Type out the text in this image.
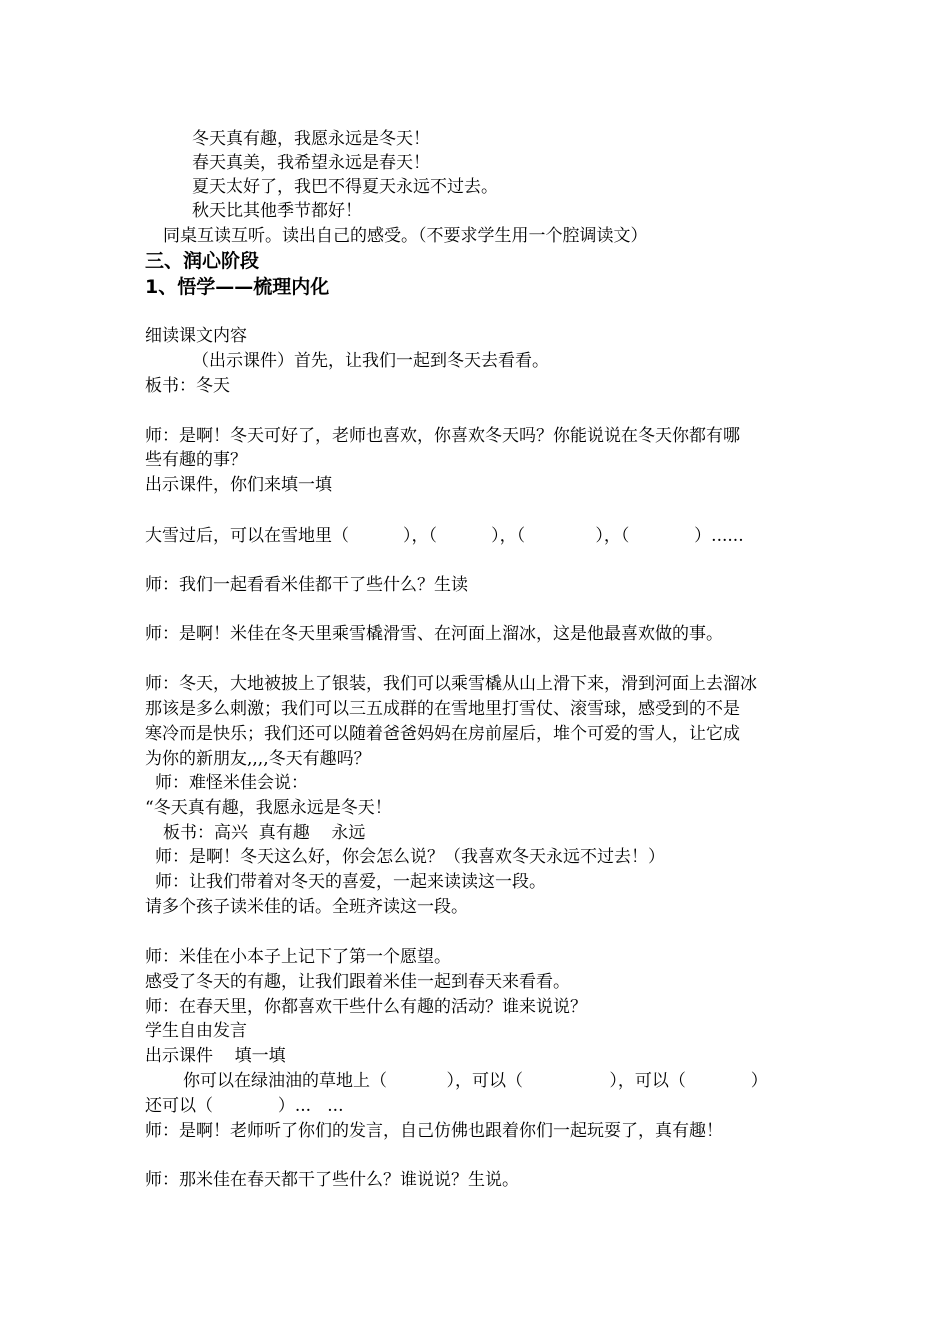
冬天真有趣，我愿永远是冬天！
春天真美，我希望永远是春天！
夏天太好了，我巴不得夏天永远不过去。
秋天比其他季节都好！
同桌互读互听。读出自己的感受。（不要求学生用一个腔调读文）
三、润心阶段
1、悟学——梳理内化
细读课文内容
（出示课件）首先，让我们一起到冬天去看看。
板书：冬天
师：是啊！冬天可好了，老师也喜欢，你喜欢冬天吗？你能说说在冬天你都有哪
些有趣的事？
出示课件，你们来填一填
大雪过后，可以在雪地里（          ），（          ），（             ），（            ）......
师：我们一起看看米佳都干了些什么？生读
师：是啊！米佳在冬天里乘雪橇滑雪、在河面上溜冰，这是他最喜欢做的事。
师：冬天，大地被披上了银装，我们可以乘雪橇从山上滑下来，滑到河面上去溜冰
那该是多么刺激；我们可以三五成群的在雪地里打雪仗、滚雪球，感受到的不是
寒冷而是快乐；我们还可以随着爸爸妈妈在房前屋后，堆个可爱的雪人，让它成
为你的新朋友,,,,冬天有趣吗？
师：难怪米佳会说：
“冬天真有趣，我愿永远是冬天！
板书：高兴  真有趣    永远
师：是啊！冬天这么好，你会怎么说？（我喜欢冬天永远不过去！）
师：让我们带着对冬天的喜爱，一起来读读这一段。
请多个孩子读米佳的话。全班齐读这一段。
师：米佳在小本子上记下了第一个愿望。
感受了冬天的有趣，让我们跟着米佳一起到春天来看看。
师：在春天里，你都喜欢干些什么有趣的活动？谁来说说？
学生自由发言
出示课件    填一填
你可以在绿油油的草地上（           ），可以（                ），可以（            ）
还可以（            ）...   ...
师：是啊！老师听了你们的发言，自己仿佛也跟着你们一起玩耍了，真有趣！
师：那米佳在春天都干了些什么？谁说说？生说。
